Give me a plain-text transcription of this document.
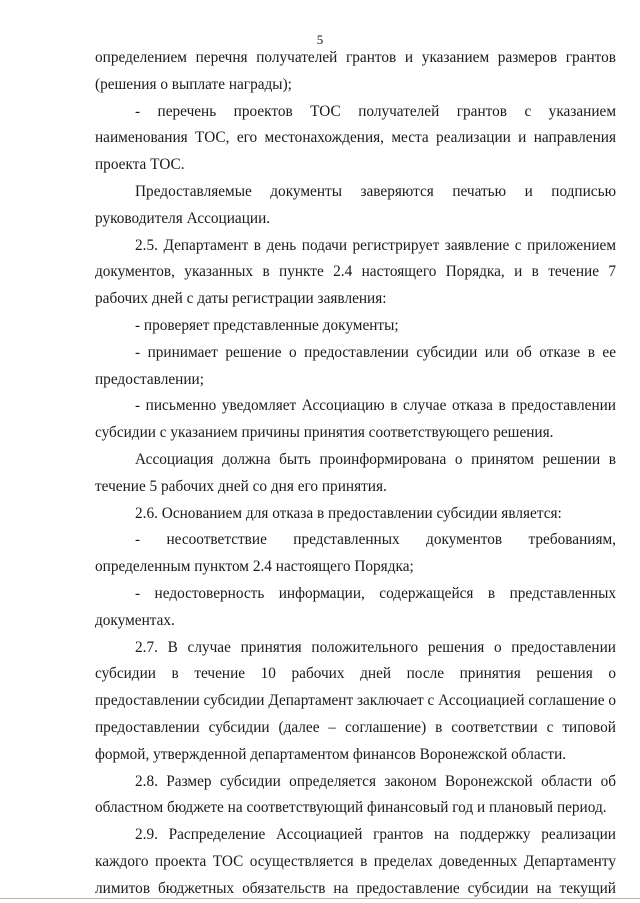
5

определением перечня получателей грантов и указанием размеров грантов (решения о выплате награды);

- перечень проектов ТОС получателей грантов с указанием наименования ТОС, его местонахождения, места реализации и направления проекта ТОС.

Предоставляемые документы заверяются печатью и подписью руководителя Ассоциации.

2.5. Департамент в день подачи регистрирует заявление с приложением документов, указанных в пункте 2.4 настоящего Порядка, и в течение 7 рабочих дней с даты регистрации заявления:

- проверяет представленные документы;

- принимает решение о предоставлении субсидии или об отказе в ее предоставлении;

- письменно уведомляет Ассоциацию в случае отказа в предоставлении субсидии с указанием причины принятия соответствующего решения.

Ассоциация должна быть проинформирована о принятом решении в течение 5 рабочих дней со дня его принятия.

2.6. Основанием для отказа в предоставлении субсидии является:

- несоответствие представленных документов требованиям, определенным пунктом 2.4 настоящего Порядка;

- недостоверность информации, содержащейся в представленных документах.

2.7. В случае принятия положительного решения о предоставлении субсидии в течение 10 рабочих дней после принятия решения о предоставлении субсидии Департамент заключает с Ассоциацией соглашение о предоставлении субсидии (далее – соглашение) в соответствии с типовой формой, утвержденной департаментом финансов Воронежской области.

2.8. Размер субсидии определяется законом Воронежской области об областном бюджете на соответствующий финансовый год и плановый период.

2.9. Распределение Ассоциацией грантов на поддержку реализации каждого проекта ТОС осуществляется в пределах доведенных Департаменту лимитов бюджетных обязательств на предоставление субсидии на текущий
